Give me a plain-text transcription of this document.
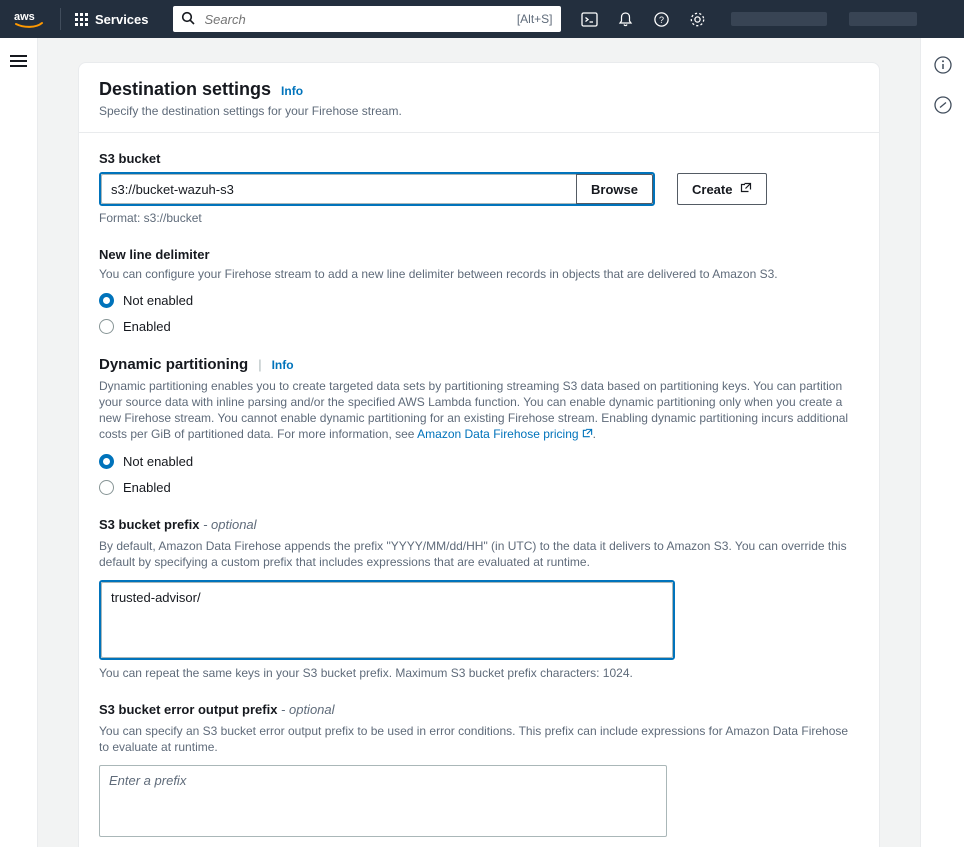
aws	Services
Search	[Alt+S]	?
Destination settings Info
Specify the destination settings for your Firehose stream.
S3 bucket
s3://bucket-wazuh-s3
Browse	Create
Format: s3://bucket
New line delimiter
You can configure your Firehose stream to add a new line delimiter between records in objects that are delivered to Amazon S3.
Not enabled
Enabled
Dynamic partitioning | Info
Dynamic partitioning enables you to create targeted data sets by partitioning streaming S3 data based on partitioning keys. You can partition your source data with inline parsing and/or the specified AWS Lambda function. You can enable dynamic partitioning only when you create a new Firehose stream. You cannot enable dynamic partitioning for an existing Firehose stream. Enabling dynamic partitioning incurs additional costs per GiB of partitioned data. For more information, see Amazon Data Firehose pricing .
Not enabled
Enabled
S3 bucket prefix - optional
By default, Amazon Data Firehose appends the prefix "YYYY/MM/dd/HH" (in UTC) to the data it delivers to Amazon S3. You can override this default by specifying a custom prefix that includes expressions that are evaluated at runtime.
trusted-advisor/
You can repeat the same keys in your S3 bucket prefix. Maximum S3 bucket prefix characters: 1024.
S3 bucket error output prefix - optional
You can specify an S3 bucket error output prefix to be used in error conditions. This prefix can include expressions for Amazon Data Firehose to evaluate at runtime.
Enter a prefix
